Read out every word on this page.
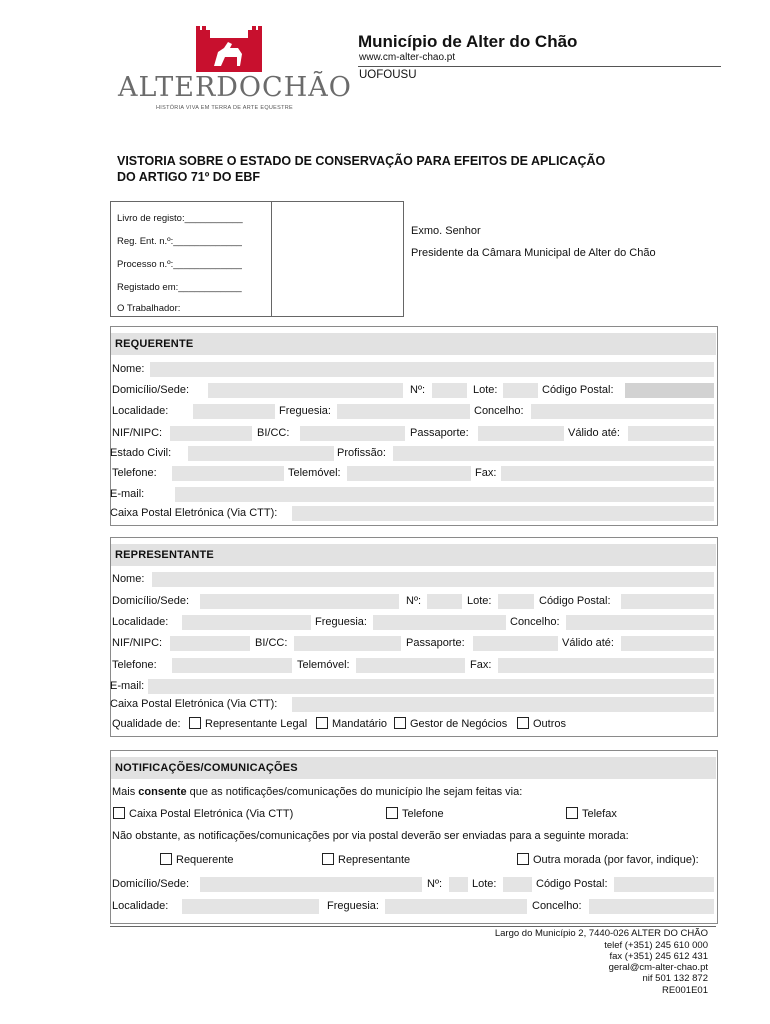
ALTERDOCHÃO
HISTÓRIA VIVA EM TERRA DE ARTE EQUESTRE
Município de Alter do Chão
www.cm-alter-chao.pt
UOFOUSU
VISTORIA SOBRE O ESTADO DE CONSERVAÇÃO PARA EFEITOS DE APLICAÇÃO
DO ARTIGO 71º DO EBF
Livro de registo:___________
Reg. Ent. n.º:_____________
Processo n.º:_____________
Registado em:____________
O Trabalhador:
Exmo. Senhor
Presidente da Câmara Municipal de Alter do Chão
REQUERENTE
Nome:
Domicílio/Sede:	Nº:	Lote:	Código Postal:
Localidade:	Freguesia:	Concelho:
NIF/NIPC:	BI/CC:	Passaporte:	Válido até:
Estado Civil:	Profissão:
Telefone:	Telemóvel:	Fax:
E-mail:
Caixa Postal Eletrónica (Via CTT):
REPRESENTANTE
Nome:
Domicílio/Sede:	Nº:	Lote:	Código Postal:
Localidade:	Freguesia:	Concelho:
NIF/NIPC:	BI/CC:	Passaporte:	Válido até:
Telefone:	Telemóvel:	Fax:
E-mail:
Caixa Postal Eletrónica (Via CTT):
Qualidade de: Representante Legal Mandatário Gestor de Negócios Outros
NOTIFICAÇÕES/COMUNICAÇÕES
Mais consente que as notificações/comunicações do município lhe sejam feitas via:
Caixa Postal Eletrónica (Via CTT)	Telefone	Telefax
Não obstante, as notificações/comunicações por via postal deverão ser enviadas para a seguinte morada:
Requerente	Representante	Outra morada (por favor, indique):
Domicílio/Sede:	Nº:	Lote:	Código Postal:
Localidade:	Freguesia:	Concelho:
Largo do Município 2, 7440-026 ALTER DO CHÃO
telef (+351) 245 610 000
fax (+351) 245 612 431
geral@cm-alter-chao.pt
nif 501 132 872
RE001E01
